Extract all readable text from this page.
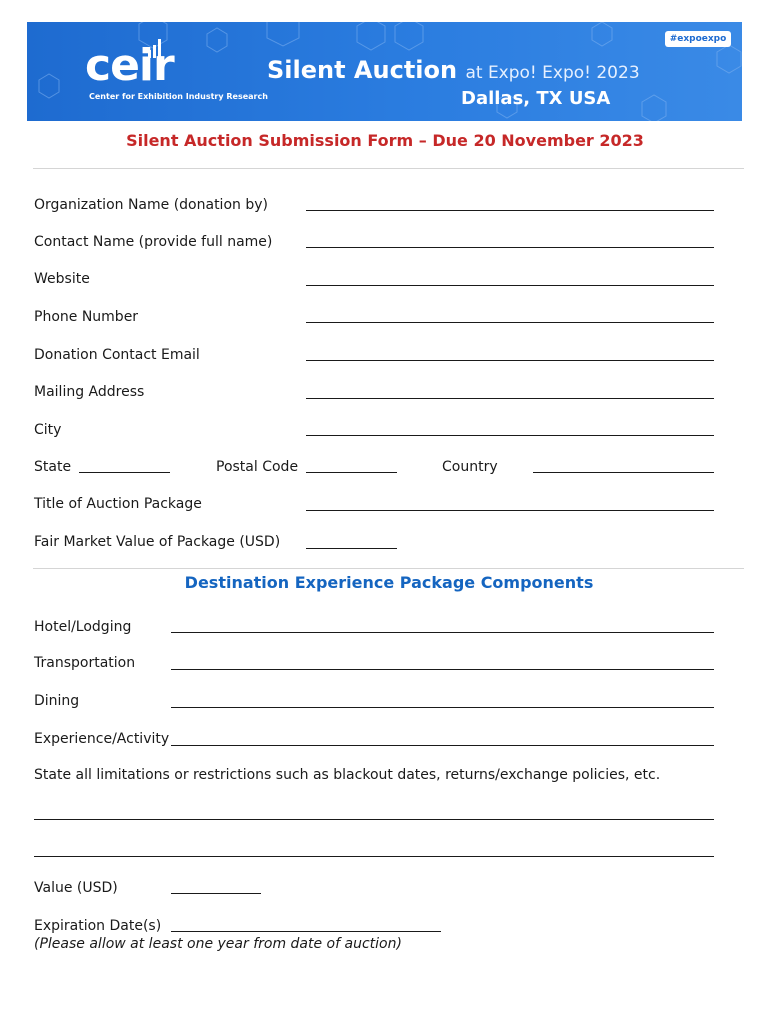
ceir
Center for Exhibition Industry Research
Silent Auction at Expo! Expo! 2023
Dallas, TX USA
#expoexpo
Silent Auction Submission Form – Due 20 November 2023
Organization Name (donation by)
Contact Name (provide full name)
Website
Phone Number
Donation Contact Email
Mailing Address
City
State	Postal Code	Country
Title of Auction Package
Fair Market Value of Package (USD)
Destination Experience Package Components
Hotel/Lodging
Transportation
Dining
Experience/Activity
State all limitations or restrictions such as blackout dates, returns/exchange policies, etc.
Value (USD)
Expiration Date(s)
(Please allow at least one year from date of auction)
